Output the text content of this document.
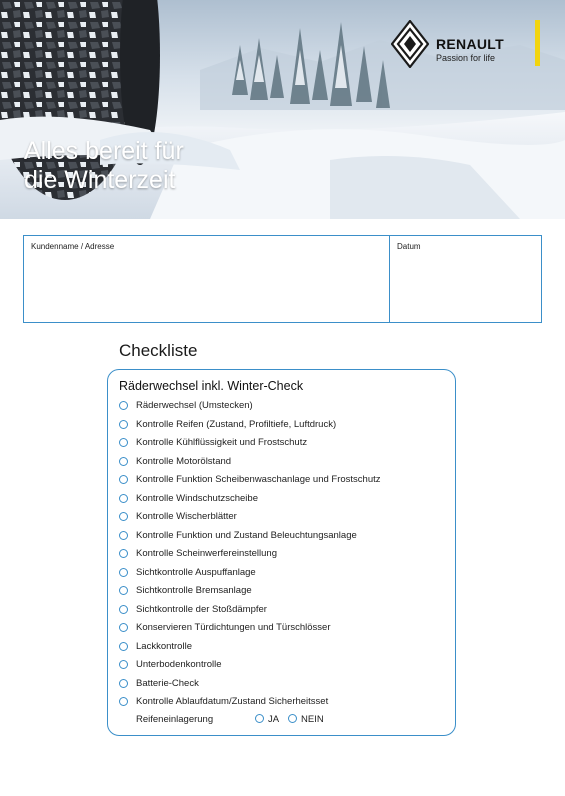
Alles bereit für
die Winterzeit
RENAULT
Passion for life
Kundenname / Adresse	Datum
Checkliste
Räderwechsel inkl. Winter-Check
Räderwechsel (Umstecken)
Kontrolle Reifen (Zustand, Profiltiefe, Luftdruck)
Kontrolle Kühlflüssigkeit und Frostschutz
Kontrolle Motorölstand
Kontrolle Funktion Scheibenwaschanlage und Frostschutz
Kontrolle Windschutzscheibe
Kontrolle Wischerblätter
Kontrolle Funktion und Zustand Beleuchtungsanlage
Kontrolle Scheinwerfereinstellung
Sichtkontrolle Auspuffanlage
Sichtkontrolle Bremsanlage
Sichtkontrolle der Stoßdämpfer
Konservieren Türdichtungen und Türschlösser
Lackkontrolle
Unterbodenkontrolle
Batterie-Check
Kontrolle Ablaufdatum/Zustand Sicherheitsset
Reifeneinlagerung	JA NEIN
